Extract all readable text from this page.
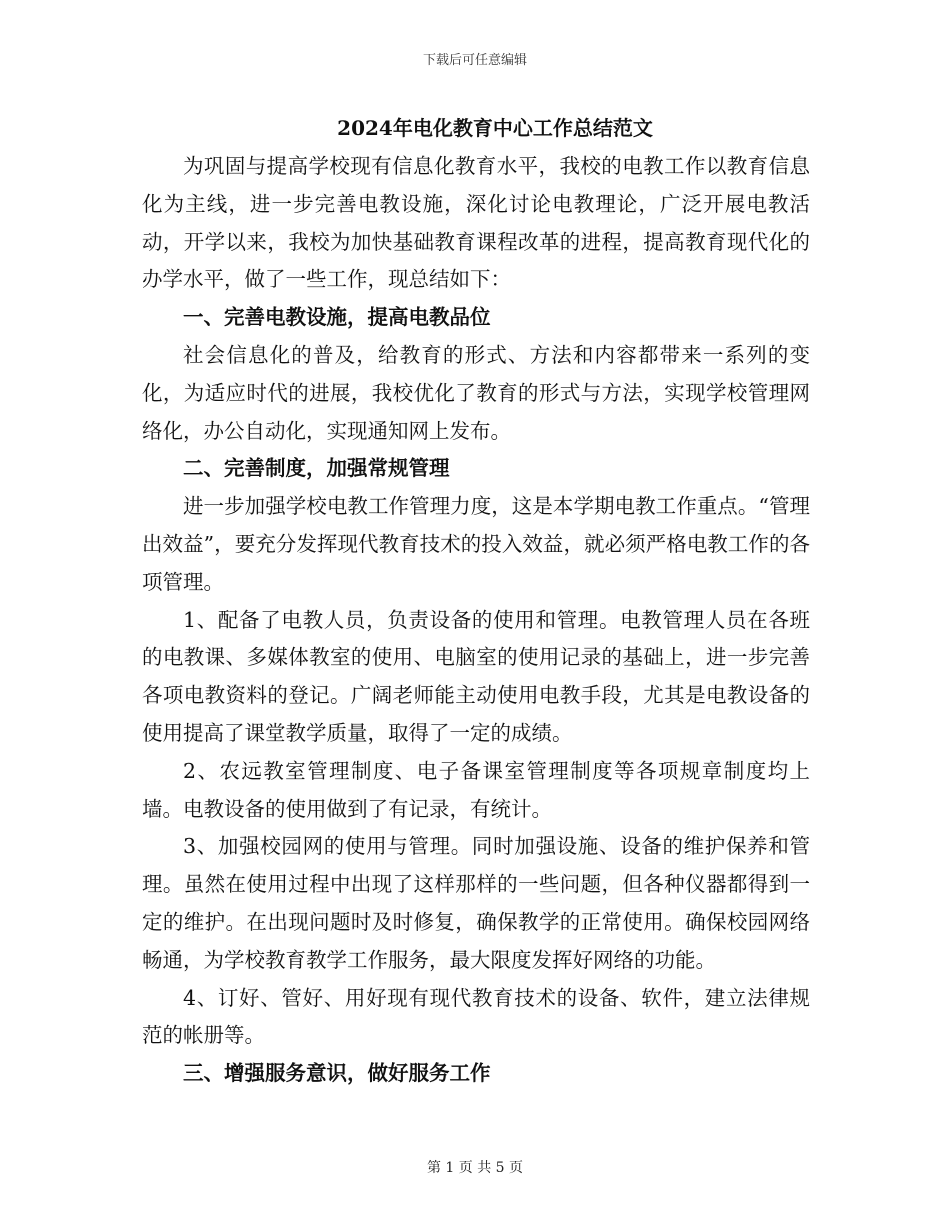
下载后可任意编辑
2024年电化教育中心工作总结范文

为巩固与提高学校现有信息化教育水平，我校的电教工作以教育信息化为主线，进一步完善电教设施，深化讨论电教理论，广泛开展电教活动，开学以来，我校为加快基础教育课程改革的进程，提高教育现代化的办学水平，做了一些工作，现总结如下：

一、完善电教设施，提高电教品位

社会信息化的普及，给教育的形式、方法和内容都带来一系列的变化，为适应时代的进展，我校优化了教育的形式与方法，实现学校管理网络化，办公自动化，实现通知网上发布。

二、完善制度，加强常规管理

进一步加强学校电教工作管理力度，这是本学期电教工作重点。“管理出效益”，要充分发挥现代教育技术的投入效益，就必须严格电教工作的各项管理。

1、配备了电教人员，负责设备的使用和管理。电教管理人员在各班的电教课、多媒体教室的使用、电脑室的使用记录的基础上，进一步完善各项电教资料的登记。广阔老师能主动使用电教手段，尤其是电教设备的使用提高了课堂教学质量，取得了一定的成绩。

2、农远教室管理制度、电子备课室管理制度等各项规章制度均上墙。电教设备的使用做到了有记录，有统计。

3、加强校园网的使用与管理。同时加强设施、设备的维护保养和管理。虽然在使用过程中出现了这样那样的一些问题，但各种仪器都得到一定的维护。在出现问题时及时修复，确保教学的正常使用。确保校园网络畅通，为学校教育教学工作服务，最大限度发挥好网络的功能。

4、订好、管好、用好现有现代教育技术的设备、软件，建立法律规范的帐册等。

三、增强服务意识，做好服务工作

第 1 页 共 5 页
